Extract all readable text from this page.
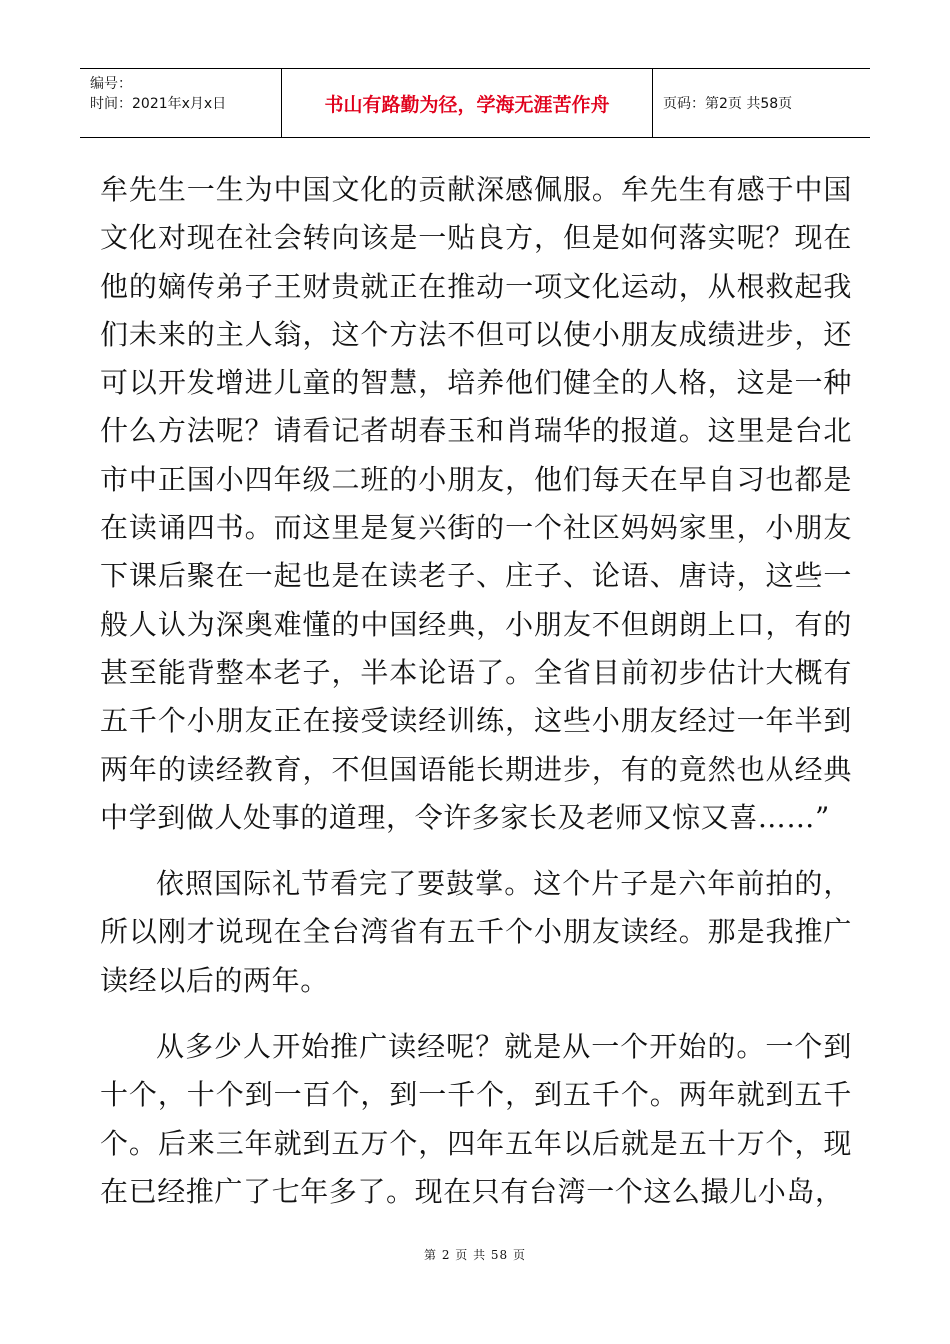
编号：
时间：2021年x月x日	书山有路勤为径，学海无涯苦作舟	页码：第2页 共58页

牟先生一生为中国文化的贡献深感佩服。牟先生有感于中国文化对现在社会转向该是一贴良方，但是如何落实呢？现在他的嫡传弟子王财贵就正在推动一项文化运动，从根救起我们未来的主人翁，这个方法不但可以使小朋友成绩进步，还可以开发增进儿童的智慧，培养他们健全的人格，这是一种什么方法呢？请看记者胡春玉和肖瑞华的报道。这里是台北市中正国小四年级二班的小朋友，他们每天在早自习也都是在读诵四书。而这里是复兴街的一个社区妈妈家里，小朋友下课后聚在一起也是在读老子、庄子、论语、唐诗，这些一般人认为深奥难懂的中国经典，小朋友不但朗朗上口，有的甚至能背整本老子，半本论语了。全省目前初步估计大概有五千个小朋友正在接受读经训练，这些小朋友经过一年半到两年的读经教育，不但国语能长期进步，有的竟然也从经典中学到做人处事的道理，令许多家长及老师又惊又喜……”

依照国际礼节看完了要鼓掌。这个片子是六年前拍的，所以刚才说现在全台湾省有五千个小朋友读经。那是我推广读经以后的两年。

从多少人开始推广读经呢？就是从一个开始的。一个到十个，十个到一百个，到一千个，到五千个。两年就到五千个。后来三年就到五万个，四年五年以后就是五十万个，现在已经推广了七年多了。现在只有台湾一个这么撮儿小岛，

第 2 页 共 58 页
